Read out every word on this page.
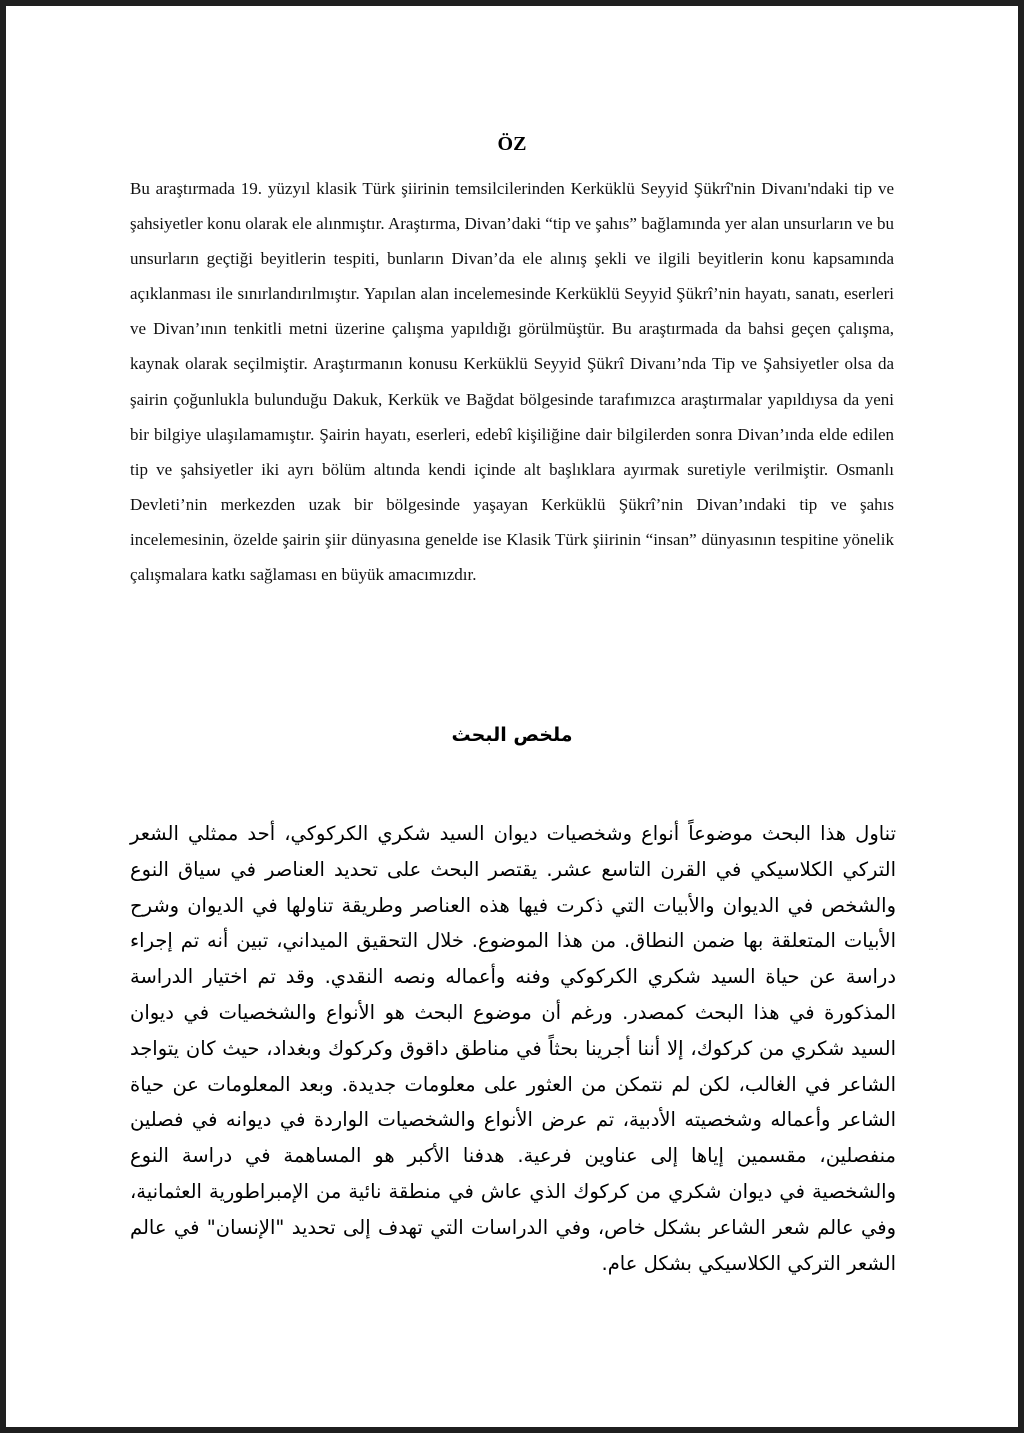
ÖZ

Bu araştırmada 19. yüzyıl klasik Türk şiirinin temsilcilerinden Kerküklü Seyyid Şükrî'nin Divanı'ndaki tip ve şahsiyetler konu olarak ele alınmıştır. Araştırma, Divan’daki “tip ve şahıs” bağlamında yer alan unsurların ve bu unsurların geçtiği beyitlerin tespiti, bunların Divan’da ele alınış şekli ve ilgili beyitlerin konu kapsamında açıklanması ile sınırlandırılmıştır. Yapılan alan incelemesinde Kerküklü Seyyid Şükrî’nin hayatı, sanatı, eserleri ve Divan’ının tenkitli metni üzerine çalışma yapıldığı görülmüştür. Bu araştırmada da bahsi geçen çalışma, kaynak olarak seçilmiştir. Araştırmanın konusu Kerküklü Seyyid Şükrî Divanı’nda Tip ve Şahsiyetler olsa da şairin çoğunlukla bulunduğu Dakuk, Kerkük ve Bağdat bölgesinde tarafımızca araştırmalar yapıldıysa da yeni bir bilgiye ulaşılamamıştır. Şairin hayatı, eserleri, edebî kişiliğine dair bilgilerden sonra Divan’ında elde edilen tip ve şahsiyetler iki ayrı bölüm altında kendi içinde alt başlıklara ayırmak suretiyle verilmiştir. Osmanlı Devleti’nin merkezden uzak bir bölgesinde yaşayan Kerküklü Şükrî’nin Divan’ındaki tip ve şahıs incelemesinin, özelde şairin şiir dünyasına genelde ise Klasik Türk şiirinin “insan” dünyasının tespitine yönelik çalışmalara katkı sağlaması en büyük amacımızdır.

ملخص البحث

تناول هذا البحث موضوعاً أنواع وشخصيات ديوان السيد شكري الكركوكي، أحد ممثلي الشعر التركي الكلاسيكي في القرن التاسع عشر. يقتصر البحث على تحديد العناصر في سياق النوع والشخص في الديوان والأبيات التي ذكرت فيها هذه العناصر وطريقة تناولها في الديوان وشرح الأبيات المتعلقة بها ضمن النطاق. من هذا الموضوع. خلال التحقيق الميداني، تبين أنه تم إجراء دراسة عن حياة السيد شكري الكركوكي وفنه وأعماله ونصه النقدي. وقد تم اختيار الدراسة المذكورة في هذا البحث كمصدر. ورغم أن موضوع البحث هو الأنواع والشخصيات في ديوان السيد شكري من كركوك، إلا أننا أجرينا بحثاً في مناطق داقوق وكركوك وبغداد، حيث كان يتواجد الشاعر في الغالب، لكن لم نتمكن من العثور على معلومات جديدة. وبعد المعلومات عن حياة الشاعر وأعماله وشخصيته الأدبية، تم عرض الأنواع والشخصيات الواردة في ديوانه في فصلين منفصلين، مقسمين إياها إلى عناوين فرعية. هدفنا الأكبر هو المساهمة في دراسة النوع والشخصية في ديوان شكري من كركوك الذي عاش في منطقة نائية من الإمبراطورية العثمانية، وفي عالم شعر الشاعر بشكل خاص، وفي الدراسات التي تهدف إلى تحديد "الإنسان" في عالم الشعر التركي الكلاسيكي بشكل عام.
